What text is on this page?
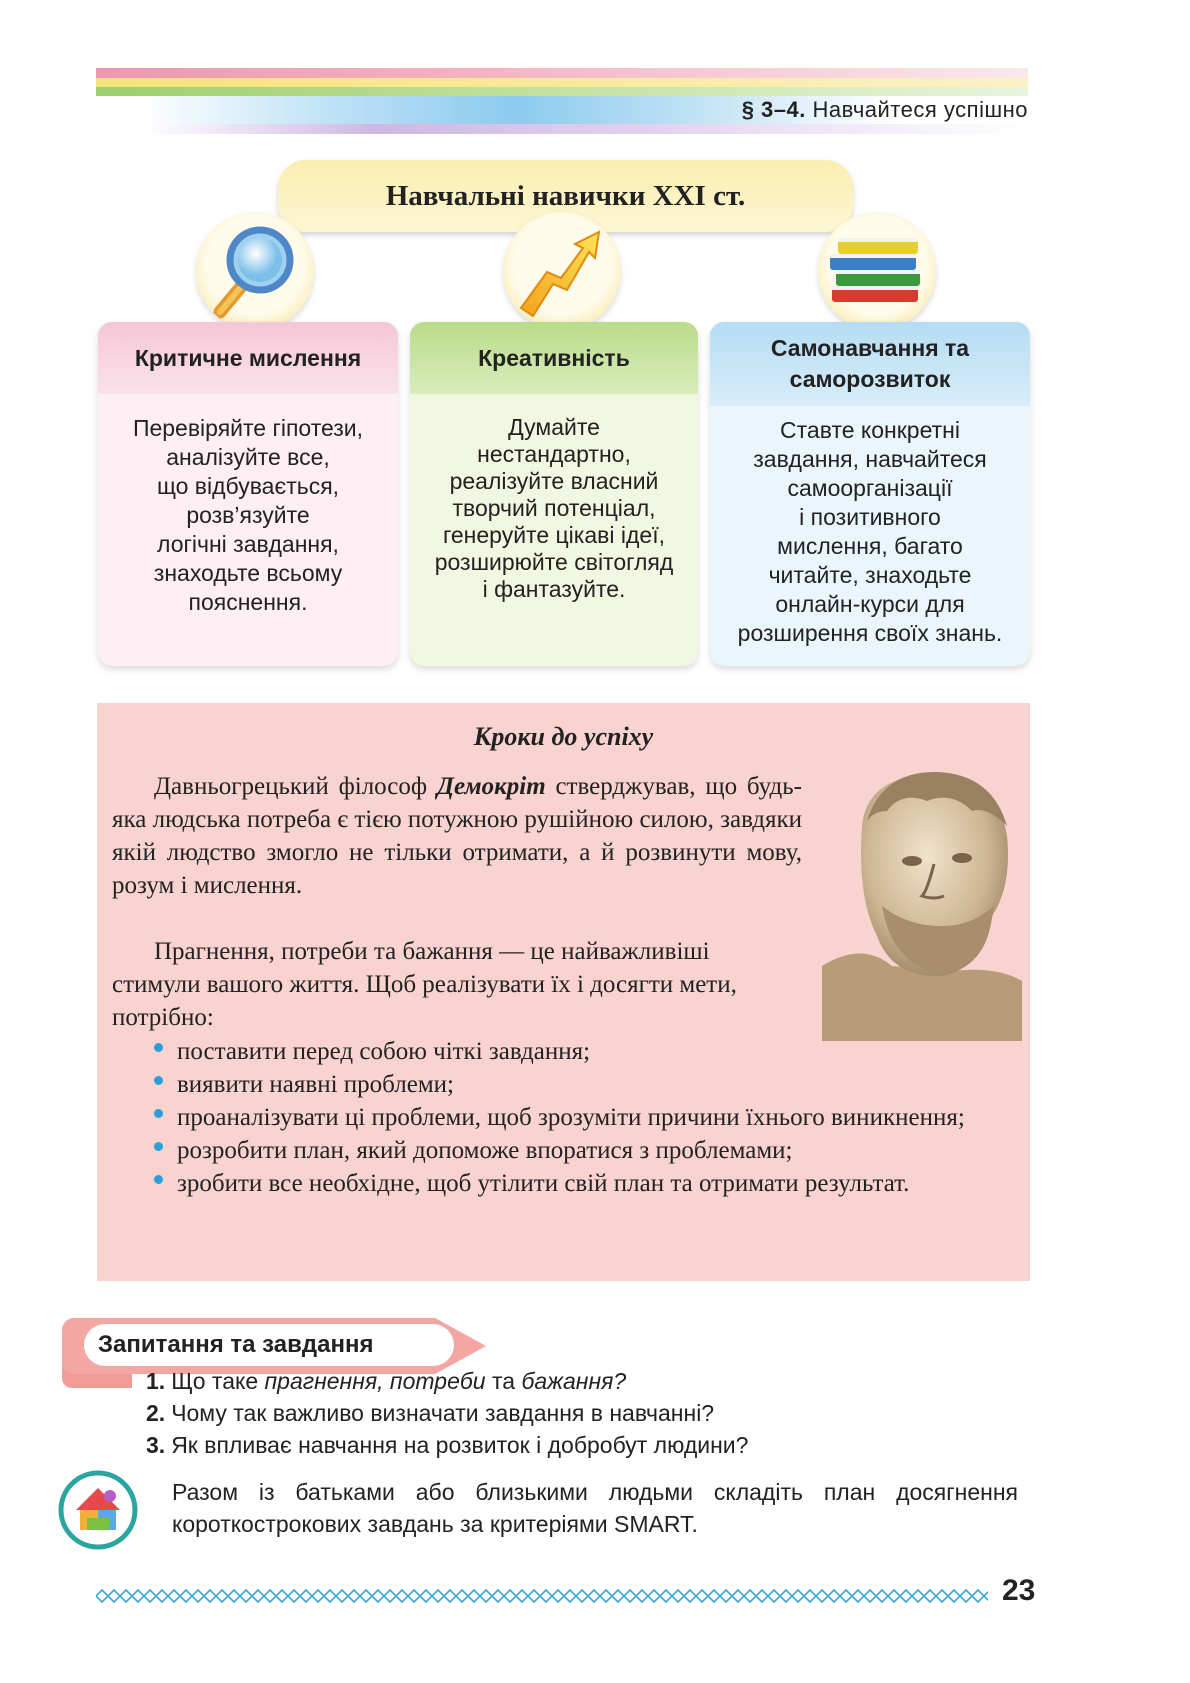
§ 3–4. Навчайтеся успішно
Навчальні навички XXI ст.
Критичне мислення
Перевіряйте гіпотези,
аналізуйте все,
що відбувається,
розв’язуйте
логічні завдання,
знаходьте всьому
пояснення.
Креативність
Думайте
нестандартно,
реалізуйте власний
творчий потенціал,
генеруйте цікаві ідеї,
розширюйте світогляд
і фантазуйте.
Самонавчання та
саморозвиток
Ставте конкретні
завдання, навчайтеся
самоорганізації
і позитивного
мислення, багато
читайте, знаходьте
онлайн-курси для
розширення своїх знань.
Кроки до успіху
Давньогрецький філософ Демокріт стверджував, що будь-яка людська потреба є тією потужною рушійною силою, завдяки якій людство змогло не тільки отримати, а й розвинути мову, розум і мислення.
Прагнення, потреби та бажання — це найважливіші стимули вашого життя. Щоб реалізувати їх і досягти мети, потрібно:
поставити перед собою чіткі завдання;
виявити наявні проблеми;
проаналізувати ці проблеми, щоб зрозуміти причини їхнього виникнення;
розробити план, який допоможе впоратися з проблемами;
зробити все необхідне, щоб утілити свій план та отримати результат.
Запитання та завдання
1. Що таке прагнення, потреби та бажання?
2. Чому так важливо визначати завдання в навчанні?
3. Як впливає навчання на розвиток і добробут людини?
Разом із батьками або близькими людьми складіть план досягнення короткострокових завдань за критеріями SMART.
23
